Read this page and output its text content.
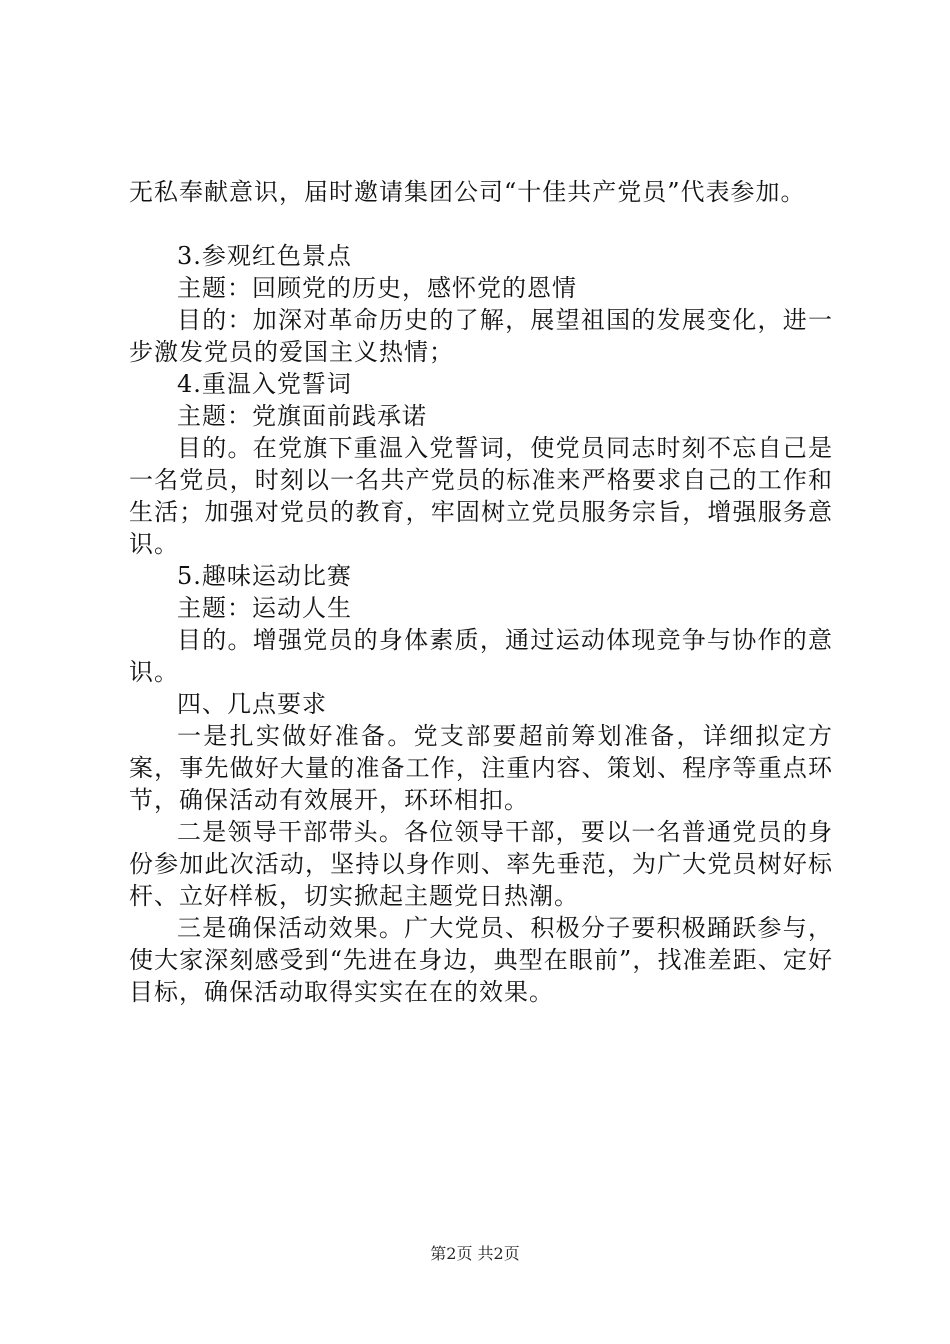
无私奉献意识，届时邀请集团公司“十佳共产党员”代表参加。

3.参观红色景点

主题：回顾党的历史，感怀党的恩情

目的：加深对革命历史的了解，展望祖国的发展变化，进一步激发党员的爱国主义热情；

4.重温入党誓词

主题：党旗面前践承诺

目的。在党旗下重温入党誓词，使党员同志时刻不忘自己是一名党员，时刻以一名共产党员的标准来严格要求自己的工作和生活；加强对党员的教育，牢固树立党员服务宗旨，增强服务意识。

5.趣味运动比赛

主题：运动人生

目的。增强党员的身体素质，通过运动体现竞争与协作的意识。

四、几点要求

一是扎实做好准备。党支部要超前筹划准备，详细拟定方案，事先做好大量的准备工作，注重内容、策划、程序等重点环节，确保活动有效展开，环环相扣。

二是领导干部带头。各位领导干部，要以一名普通党员的身份参加此次活动，坚持以身作则、率先垂范，为广大党员树好标杆、立好样板，切实掀起主题党日热潮。

三是确保活动效果。广大党员、积极分子要积极踊跃参与，使大家深刻感受到“先进在身边，典型在眼前”，找准差距、定好目标，确保活动取得实实在在的效果。

第2页 共2页
